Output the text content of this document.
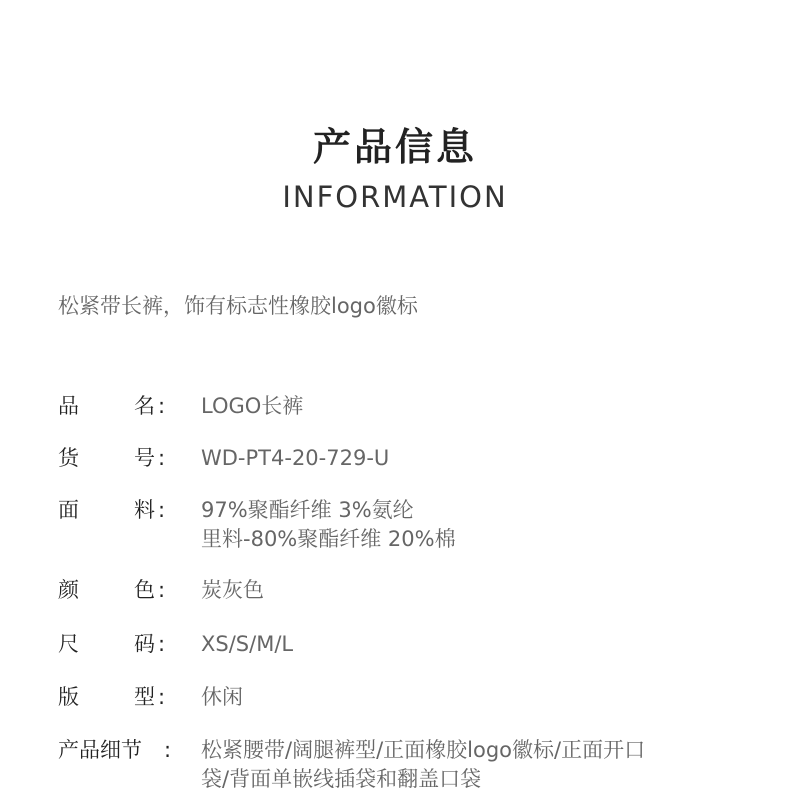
产品信息
INFORMATION
松紧带长裤，饰有标志性橡胶logo徽标
品	名 : LOGO长裤
货	号 : WD-PT4-20-729-U
面	料 : 97%聚酯纤维 3%氨纶
里料-80%聚酯纤维 20%棉
颜	色 : 炭灰色
尺	码 : XS/S/M/L
版	型 : 休闲
产品细节 : 松紧腰带/阔腿裤型/正面橡胶logo徽标/正面开口
袋/背面单嵌线插袋和翻盖口袋
